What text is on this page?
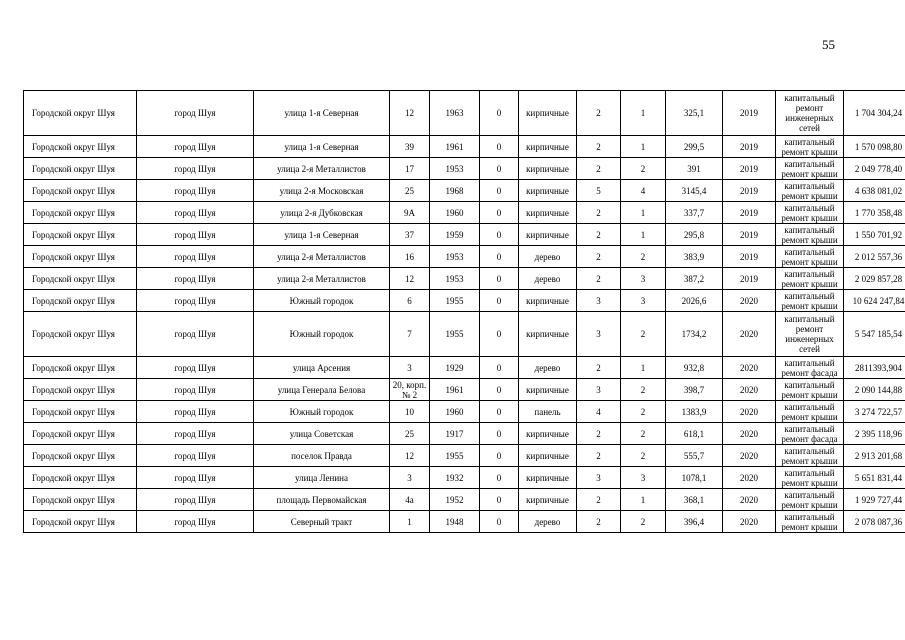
55
Городской округ Шуя	город Шуя	улица 1-я Северная	12	1963	0	кирпичные	2	1	325,1	2019	капитальный ремонт инженерных сетей	1 704 304,24
Городской округ Шуя	город Шуя	улица 1-я Северная	39	1961	0	кирпичные	2	1	299,5	2019	капитальный ремонт крыши	1 570 098,80
Городской округ Шуя	город Шуя	улица 2-я Металлистов	17	1953	0	кирпичные	2	2	391	2019	капитальный ремонт крыши	2 049 778,40
Городской округ Шуя	город Шуя	улица 2-я Московская	25	1968	0	кирпичные	5	4	3145,4	2019	капитальный ремонт крыши	4 638 081,02
Городской округ Шуя	город Шуя	улица 2-я Дубковская	9А	1960	0	кирпичные	2	1	337,7	2019	капитальный ремонт крыши	1 770 358,48
Городской округ Шуя	город Шуя	улица 1-я Северная	37	1959	0	кирпичные	2	1	295,8	2019	капитальный ремонт крыши	1 550 701,92
Городской округ Шуя	город Шуя	улица 2-я Металлистов	16	1953	0	дерево	2	2	383,9	2019	капитальный ремонт крыши	2 012 557,36
Городской округ Шуя	город Шуя	улица 2-я Металлистов	12	1953	0	дерево	2	3	387,2	2019	капитальный ремонт крыши	2 029 857,28
Городской округ Шуя	город Шуя	Южный городок	6	1955	0	кирпичные	3	3	2026,6	2020	капитальный ремонт крыши	10 624 247,84
Городской округ Шуя	город Шуя	Южный городок	7	1955	0	кирпичные	3	2	1734,2	2020	капитальный ремонт инженерных сетей	5 547 185,54
Городской округ Шуя	город Шуя	улица Арсения	3	1929	0	дерево	2	1	932,8	2020	капитальный ремонт фасада	2811393,904
Городской округ Шуя	город Шуя	улица Генерала Белова	20, корп. № 2	1961	0	кирпичные	3	2	398,7	2020	капитальный ремонт крыши	2 090 144,88
Городской округ Шуя	город Шуя	Южный городок	10	1960	0	панель	4	2	1383,9	2020	капитальный ремонт крыши	3 274 722,57
Городской округ Шуя	город Шуя	улица Советская	25	1917	0	кирпичные	2	2	618,1	2020	капитальный ремонт фасада	2 395 118,96
Городской округ Шуя	город Шуя	поселок Правда	12	1955	0	кирпичные	2	2	555,7	2020	капитальный ремонт крыши	2 913 201,68
Городской округ Шуя	город Шуя	улица Ленина	3	1932	0	кирпичные	3	3	1078,1	2020	капитальный ремонт крыши	5 651 831,44
Городской округ Шуя	город Шуя	площадь Первомайская	4а	1952	0	кирпичные	2	1	368,1	2020	капитальный ремонт крыши	1 929 727,44
Городской округ Шуя	город Шуя	Северный тракт	1	1948	0	дерево	2	2	396,4	2020	капитальный ремонт крыши	2 078 087,36
